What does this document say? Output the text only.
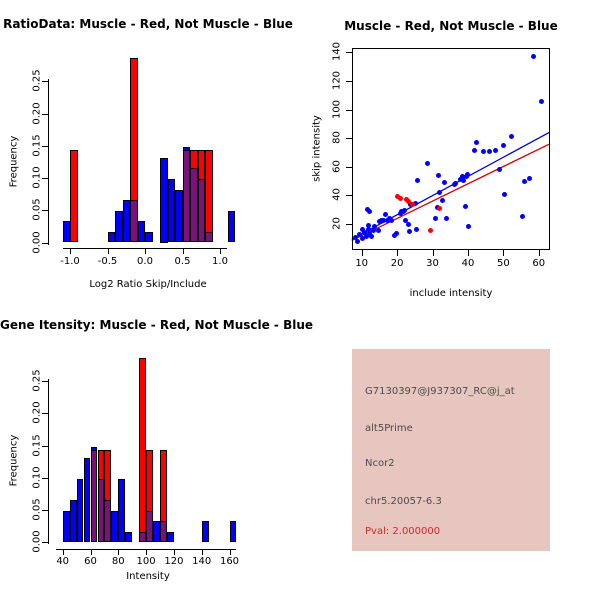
RatioData: Muscle - Red, Not Muscle - Blue	Muscle - Red, Not Muscle - Blue
Gene Itensity: Muscle - Red, Not Muscle - Blue
Log2 Ratio Skip/Include
Frequency
include intensity
skip intensity
Intensity
Frequency
G7130397@J937307_RC@j_at
alt5Prime
Ncor2
chr5.20057-6.3
Pval: 2.000000
-1.0	-0.5	0.0	0.5	1.0
0.00
0.05
0.10
0.15
0.20
0.25
10	20	30	40	50	60
20
40
60
80
100
120
140
40	60	80	100 120 140 160
0.00
0.05
0.10
0.15
0.20
0.25
